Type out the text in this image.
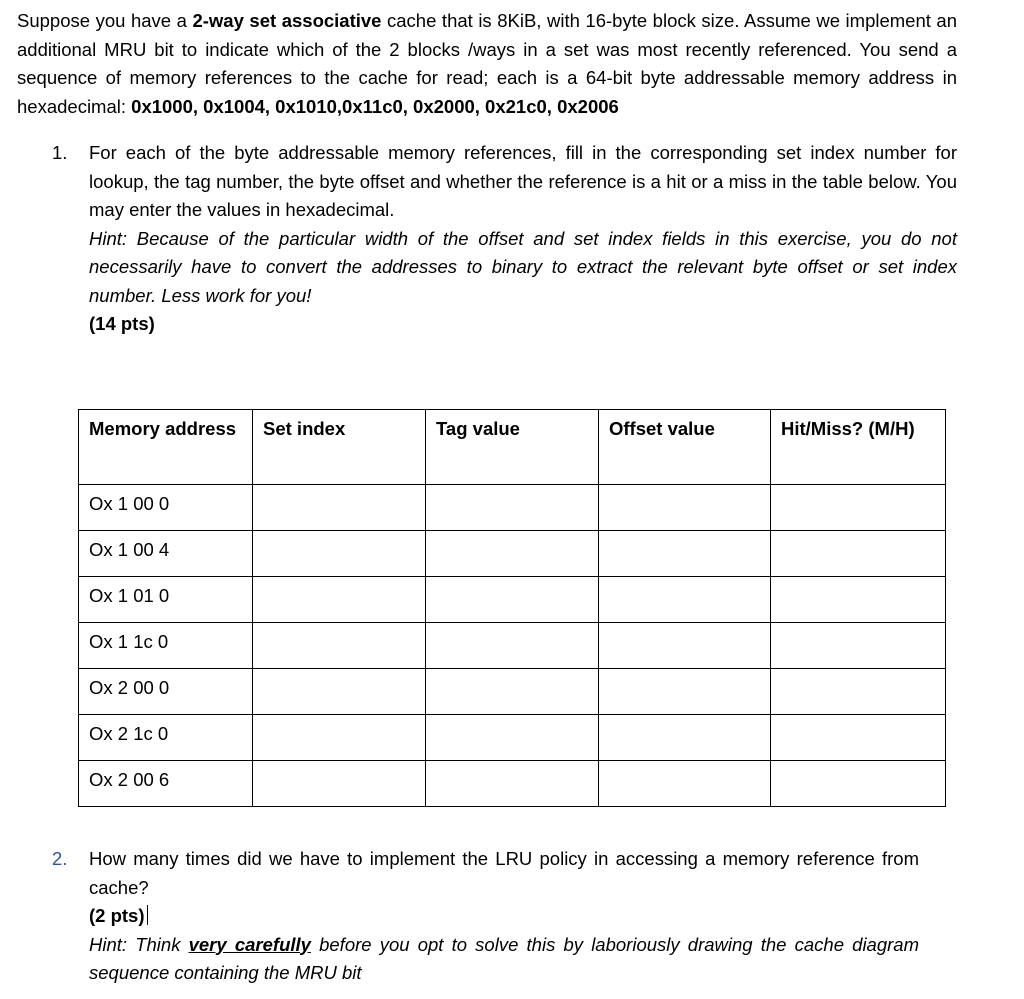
Suppose you have a 2-way set associative cache that is 8KiB, with 16-byte block size. Assume we implement an additional MRU bit to indicate which of the 2 blocks /ways in a set was most recently referenced. You send a sequence of memory references to the cache for read; each is a 64-bit byte addressable memory address in hexadecimal: 0x1000, 0x1004, 0x1010,0x11c0, 0x2000, 0x21c0, 0x2006
1. For each of the byte addressable memory references, fill in the corresponding set index number for lookup, the tag number, the byte offset and whether the reference is a hit or a miss in the table below. You may enter the values in hexadecimal.
Hint: Because of the particular width of the offset and set index fields in this exercise, you do not necessarily have to convert the addresses to binary to extract the relevant byte offset or set index number. Less work for you!
(14 pts)
Memory address	Set index	Tag value	Offset value	Hit/Miss? (M/H)
Ox 1 00 0				
Ox 1 00 4				
Ox 1 01 0				
Ox 1 1c 0				
Ox 2 00 0				
Ox 2 1c 0				
Ox 2 00 6				
2. How many times did we have to implement the LRU policy in accessing a memory reference from cache?
(2 pts)
Hint: Think very carefully before you opt to solve this by laboriously drawing the cache diagram sequence containing the MRU bit
